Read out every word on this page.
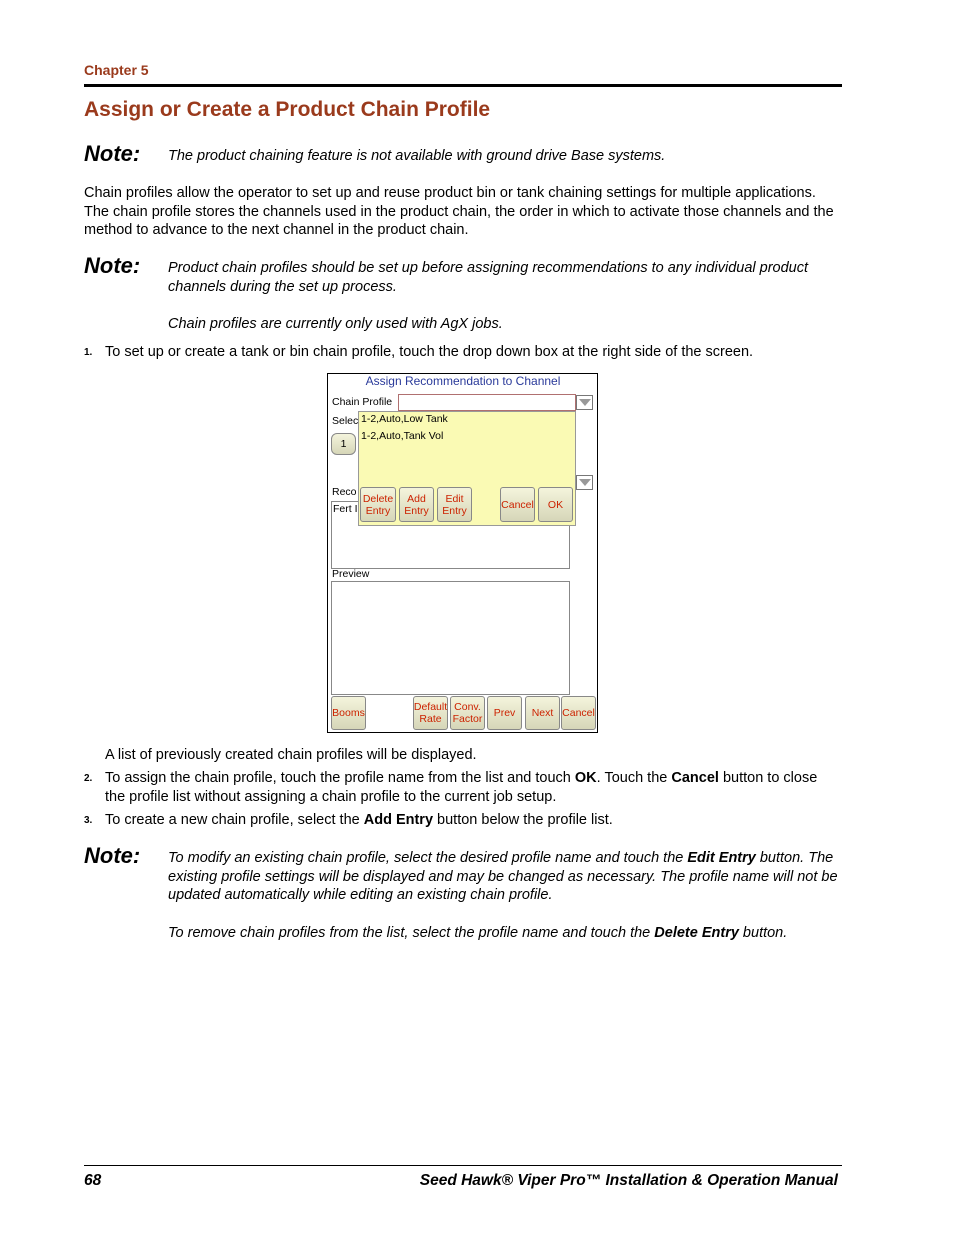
Chapter 5
Assign or Create a Product Chain Profile
Note: The product chaining feature is not available with ground drive Base systems.
Chain profiles allow the operator to set up and reuse product bin or tank chaining settings for multiple applications. The chain profile stores the channels used in the product chain, the order in which to activate those channels and the method to advance to the next channel in the product chain.
Note: Product chain profiles should be set up before assigning recommendations to any individual product channels during the set up process.
Chain profiles are currently only used with AgX jobs.
1. To set up or create a tank or bin chain profile, touch the drop down box at the right side of the screen.
Assign Recommendation to Channel
Chain Profile
Selec
1
Reco
Fert I
Preview
1-2,Auto,Low Tank
1-2,Auto,Tank Vol
Delete
Entry
Add
Entry
Edit
Entry	Cancel	OK
Booms	Default
Rate
Conv.
Factor	Prev	Next Cancel
A list of previously created chain profiles will be displayed.
2. To assign the chain profile, touch the profile name from the list and touch OK. Touch the Cancel button to close the profile list without assigning a chain profile to the current job setup.
3. To create a new chain profile, select the Add Entry button below the profile list.
Note: To modify an existing chain profile, select the desired profile name and touch the Edit Entry button. The existing profile settings will be displayed and may be changed as necessary. The profile name will not be updated automatically while editing an existing chain profile.
To remove chain profiles from the list, select the profile name and touch the Delete Entry button.
68	Seed Hawk® Viper Pro™ Installation & Operation Manual
